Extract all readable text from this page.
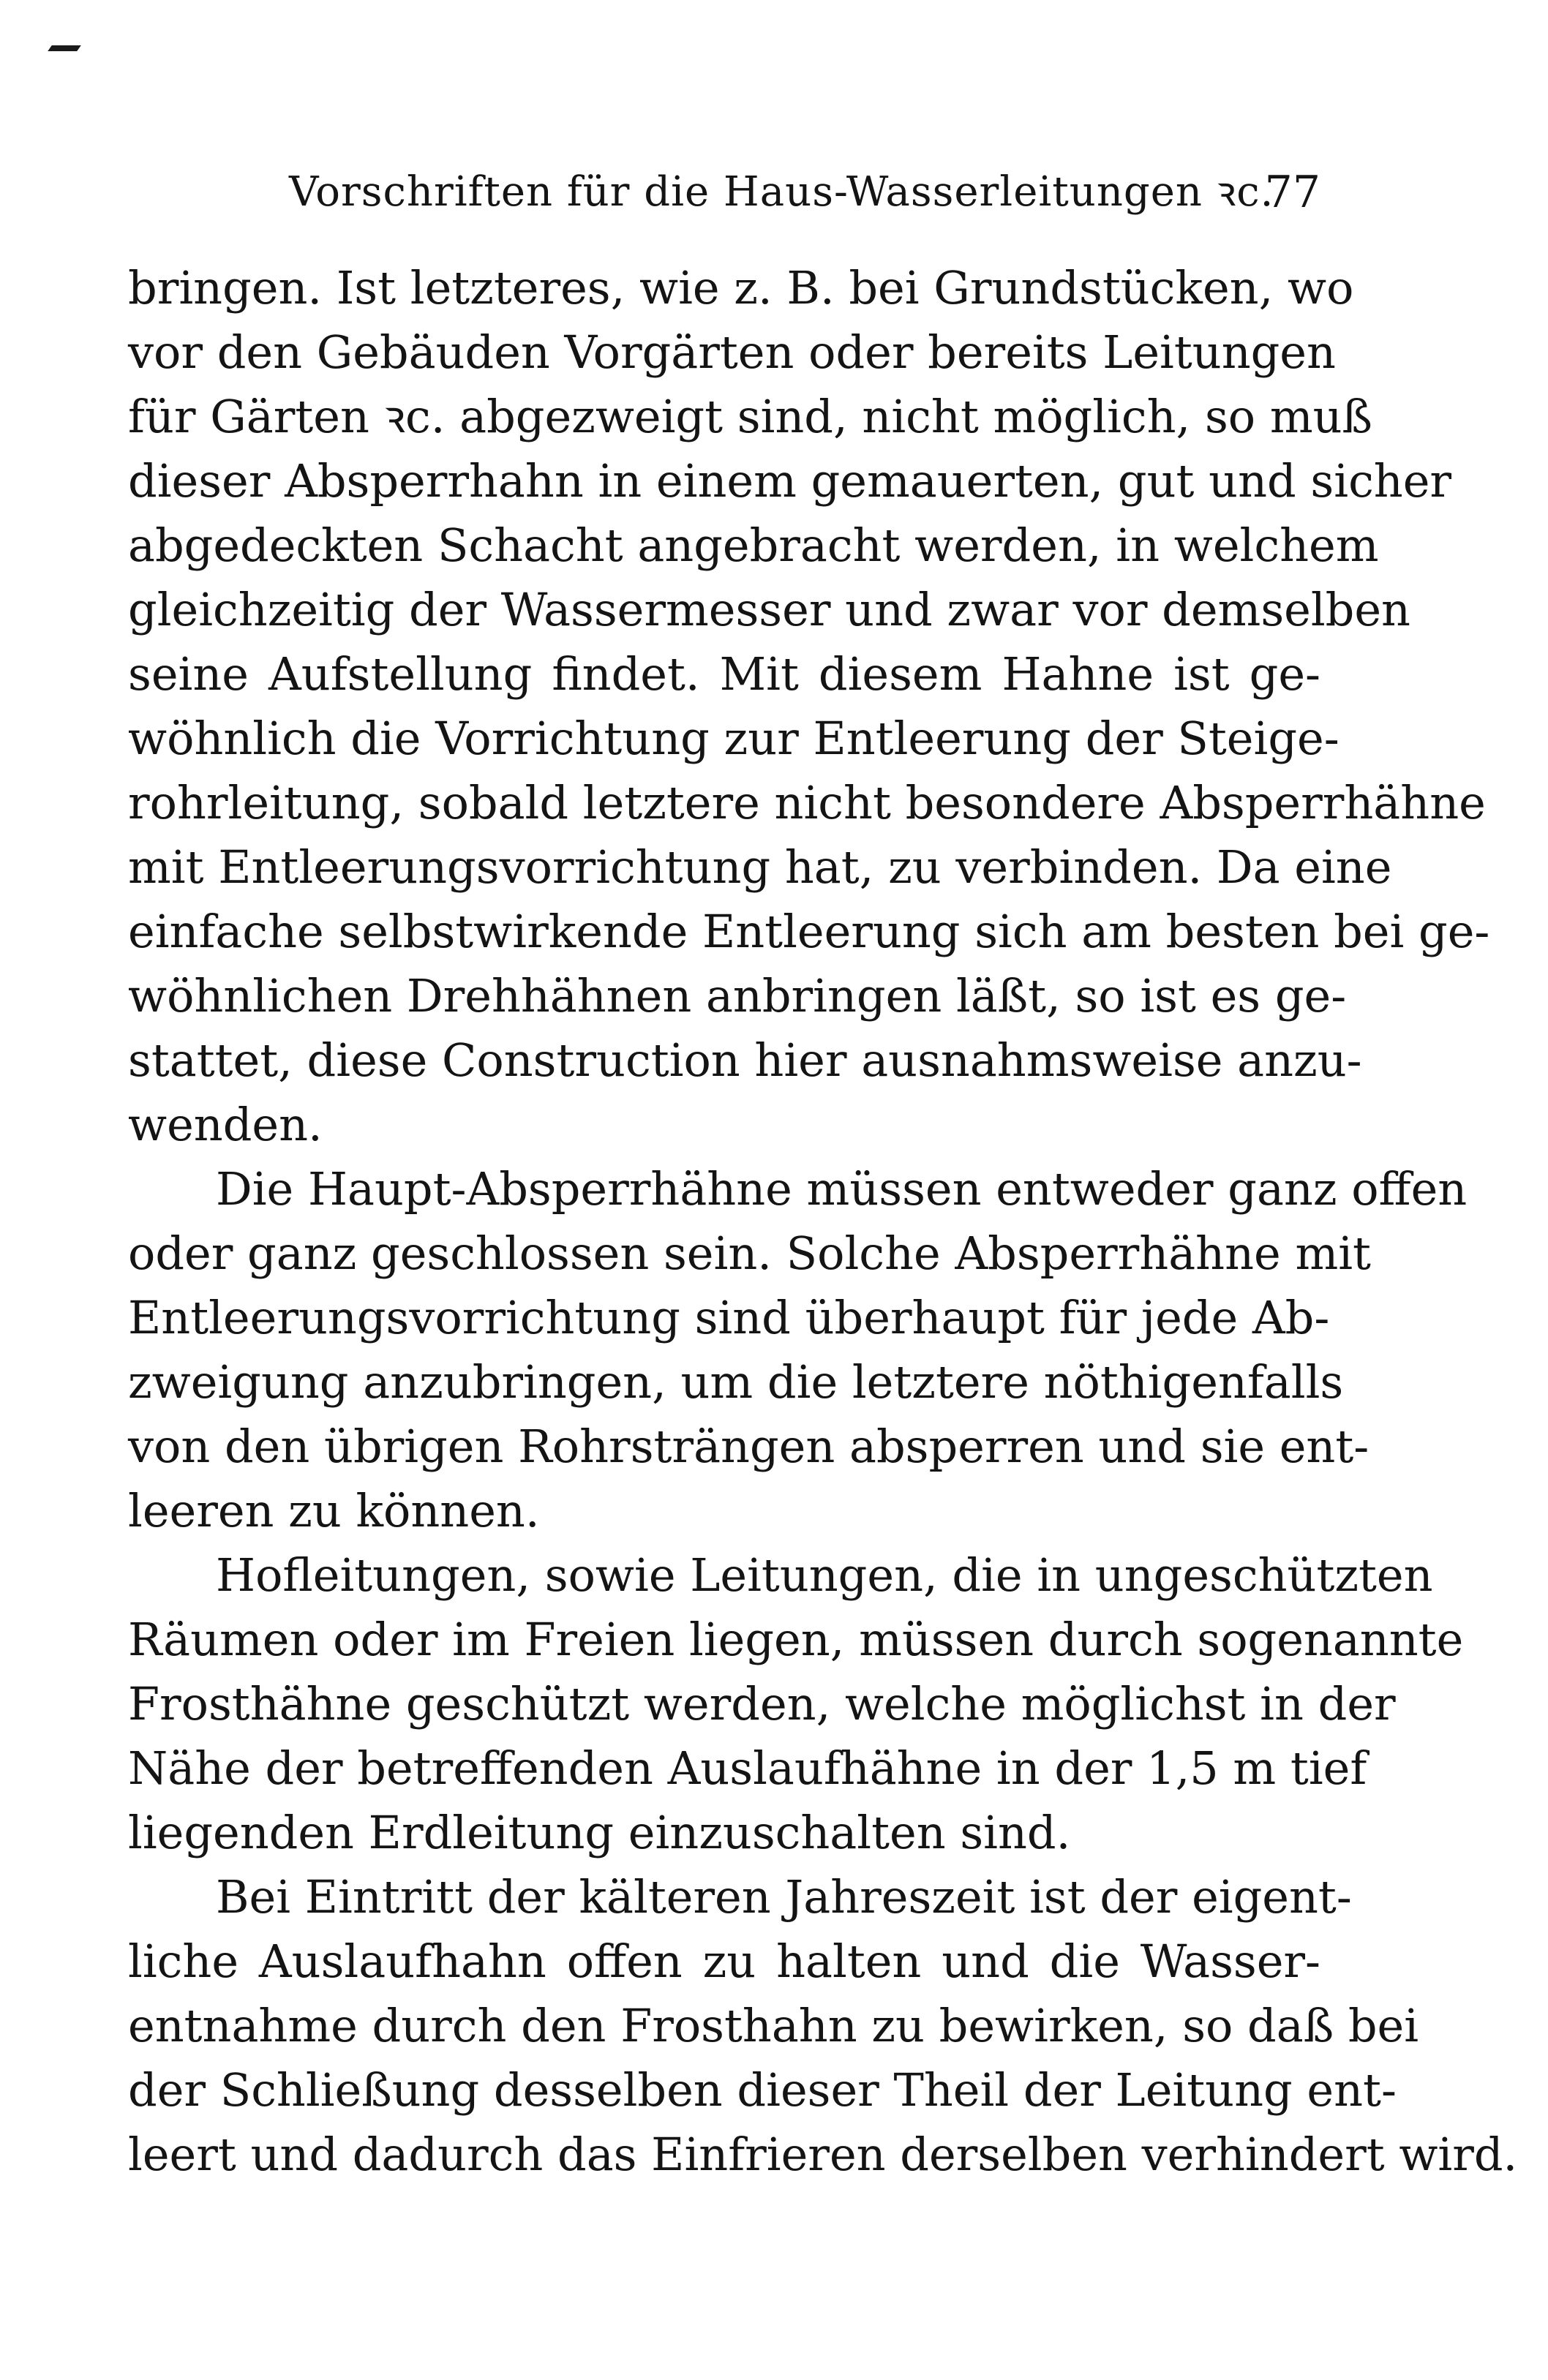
Vorschriften für die Haus-Wasserleitungen ꝛc.
77
bringen. Ist letzteres, wie z. B. bei Grundstücken, wo
vor den Gebäuden Vorgärten oder bereits Leitungen
für Gärten ꝛc. abgezweigt sind, nicht möglich, so muß
dieser Absperrhahn in einem gemauerten, gut und sicher
abgedeckten Schacht angebracht werden, in welchem
gleichzeitig der Wassermesser und zwar vor demselben
seine Aufstellung findet. Mit diesem Hahne ist ge-
wöhnlich die Vorrichtung zur Entleerung der Steige-
rohrleitung, sobald letztere nicht besondere Absperrhähne
mit Entleerungsvorrichtung hat, zu verbinden. Da eine
einfache selbstwirkende Entleerung sich am besten bei ge-
wöhnlichen Drehhähnen anbringen läßt, so ist es ge-
stattet, diese Construction hier ausnahmsweise anzu-
wenden.
Die Haupt-Absperrhähne müssen entweder ganz offen
oder ganz geschlossen sein. Solche Absperrhähne mit
Entleerungsvorrichtung sind überhaupt für jede Ab-
zweigung anzubringen, um die letztere nöthigenfalls
von den übrigen Rohrsträngen absperren und sie ent-
leeren zu können.
Hofleitungen, sowie Leitungen, die in ungeschützten
Räumen oder im Freien liegen, müssen durch sogenannte
Frosthähne geschützt werden, welche möglichst in der
Nähe der betreffenden Auslaufhähne in der 1,5 m tief
liegenden Erdleitung einzuschalten sind.
Bei Eintritt der kälteren Jahreszeit ist der eigent-
liche Auslaufhahn offen zu halten und die Wasser-
entnahme durch den Frosthahn zu bewirken, so daß bei
der Schließung desselben dieser Theil der Leitung ent-
leert und dadurch das Einfrieren derselben verhindert wird.
